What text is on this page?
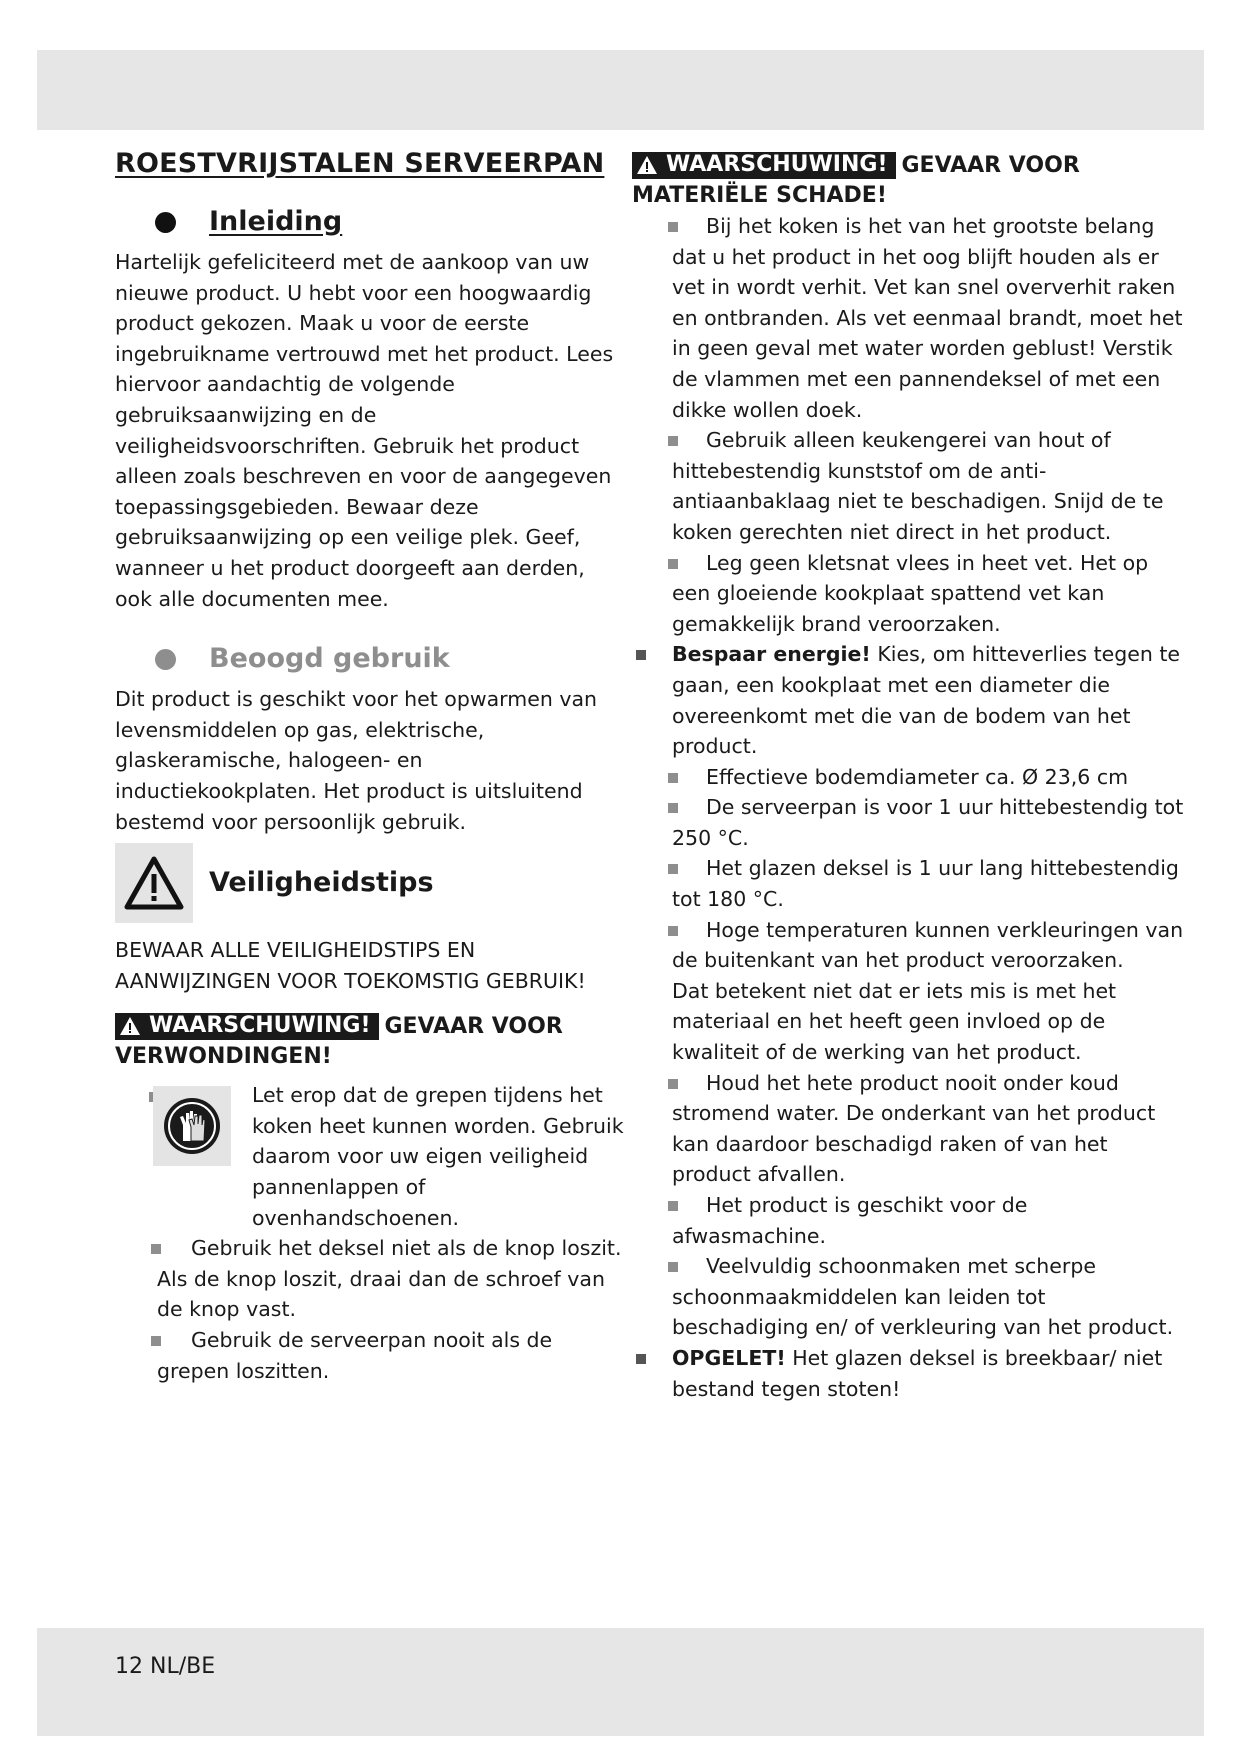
ROESTVRIJSTALEN SERVEERPAN
Inleiding

Hartelijk gefeliciteerd met de aankoop van uw nieuwe product. U hebt voor een hoogwaardig product gekozen. Maak u voor de eerste ingebruikname vertrouwd met het product. Lees hiervoor aandachtig de volgende gebruiksaanwijzing en de veiligheidsvoorschriften. Gebruik het product alleen zoals beschreven en voor de aangegeven toepassingsgebieden. Bewaar deze gebruiksaanwijzing op een veilige plek. Geef, wanneer u het product doorgeeft aan derden, ook alle documenten mee.

Beoogd gebruik

Dit product is geschikt voor het opwarmen van levensmiddelen op gas, elektrische, glaskeramische, halogeen- en inductiekookplaten. Het product is uitsluitend bestemd voor persoonlijk gebruik.

Veiligheidstips

BEWAAR ALLE VEILIGHEIDSTIPS EN AANWIJZINGEN VOOR TOEKOMSTIG GEBRUIK!

WAARSCHUWING! GEVAAR VOOR
VERWONDINGEN!
Let erop dat de grepen tijdens het koken heet kunnen worden. Gebruik daarom voor uw eigen veiligheid pannenlappen of ovenhandschoenen.
Gebruik het deksel niet als de knop loszit. Als de knop loszit, draai dan de schroef van de knop vast.
Gebruik de serveerpan nooit als de grepen loszitten.
WAARSCHUWING! GEVAAR VOOR
MATERIËLE SCHADE!
Bij het koken is het van het grootste belang dat u het product in het oog blijft houden als er vet in wordt verhit. Vet kan snel oververhit raken en ontbranden. Als vet eenmaal brandt, moet het in geen geval met water worden geblust! Verstik de vlammen met een pannendeksel of met een dikke wollen doek.
Gebruik alleen keukengerei van hout of hittebestendig kunststof om de anti-antiaanbaklaag niet te beschadigen. Snijd de te koken gerechten niet direct in het product.
Leg geen kletsnat vlees in heet vet. Het op een gloeiende kookplaat spattend vet kan gemakkelijk brand veroorzaken.
Bespaar energie! Kies, om hitteverlies tegen te gaan, een kookplaat met een diameter die overeenkomt met die van de bodem van het product.
Effectieve bodemdiameter ca. Ø 23,6 cm
De serveerpan is voor 1 uur hittebestendig tot 250 °C.
Het glazen deksel is 1 uur lang hittebestendig tot 180 °C.
Hoge temperaturen kunnen verkleuringen van de buitenkant van het product veroorzaken.
Dat betekent niet dat er iets mis is met het materiaal en het heeft geen invloed op de kwaliteit of de werking van het product.
Houd het hete product nooit onder koud stromend water. De onderkant van het product kan daardoor beschadigd raken of van het product afvallen.
Het product is geschikt voor de afwasmachine.
Veelvuldig schoonmaken met scherpe schoonmaakmiddelen kan leiden tot beschadiging en/ of verkleuring van het product.
OPGELET! Het glazen deksel is breekbaar/ niet bestand tegen stoten!
12 NL/BE
